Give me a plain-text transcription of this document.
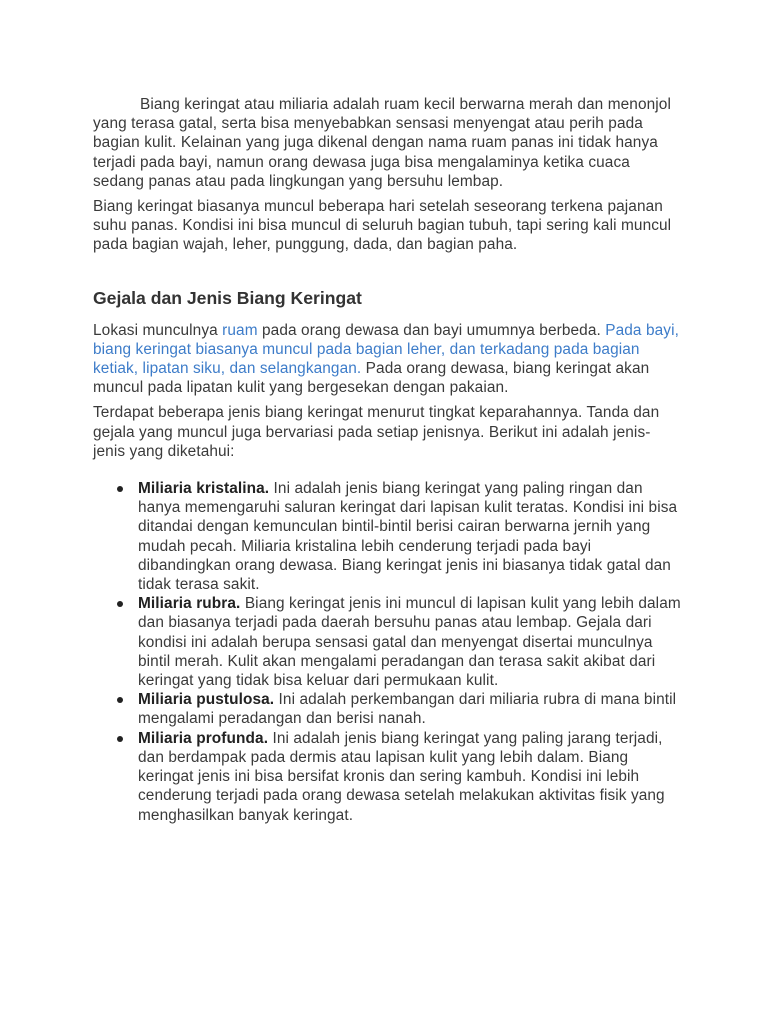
Biang keringat atau miliaria adalah ruam kecil berwarna merah dan menonjol yang terasa gatal, serta bisa menyebabkan sensasi menyengat atau perih pada bagian kulit. Kelainan yang juga dikenal dengan nama ruam panas ini tidak hanya terjadi pada bayi, namun orang dewasa juga bisa mengalaminya ketika cuaca sedang panas atau pada lingkungan yang bersuhu lembap.

Biang keringat biasanya muncul beberapa hari setelah seseorang terkena pajanan suhu panas. Kondisi ini bisa muncul di seluruh bagian tubuh, tapi sering kali muncul pada bagian wajah, leher, punggung, dada, dan bagian paha.

Gejala dan Jenis Biang Keringat

Lokasi munculnya ruam pada orang dewasa dan bayi umumnya berbeda. Pada bayi, biang keringat biasanya muncul pada bagian leher, dan terkadang pada bagian ketiak, lipatan siku, dan selangkangan. Pada orang dewasa, biang keringat akan muncul pada lipatan kulit yang bergesekan dengan pakaian.

Terdapat beberapa jenis biang keringat menurut tingkat keparahannya. Tanda dan gejala yang muncul juga bervariasi pada setiap jenisnya. Berikut ini adalah jenis-jenis yang diketahui:

Miliaria kristalina. Ini adalah jenis biang keringat yang paling ringan dan hanya memengaruhi saluran keringat dari lapisan kulit teratas. Kondisi ini bisa ditandai dengan kemunculan bintil-bintil berisi cairan berwarna jernih yang mudah pecah. Miliaria kristalina lebih cenderung terjadi pada bayi dibandingkan orang dewasa. Biang keringat jenis ini biasanya tidak gatal dan tidak terasa sakit.
Miliaria rubra. Biang keringat jenis ini muncul di lapisan kulit yang lebih dalam dan biasanya terjadi pada daerah bersuhu panas atau lembap. Gejala dari kondisi ini adalah berupa sensasi gatal dan menyengat disertai munculnya bintil merah. Kulit akan mengalami peradangan dan terasa sakit akibat dari keringat yang tidak bisa keluar dari permukaan kulit.
Miliaria pustulosa. Ini adalah perkembangan dari miliaria rubra di mana bintil mengalami peradangan dan berisi nanah.
Miliaria profunda. Ini adalah jenis biang keringat yang paling jarang terjadi, dan berdampak pada dermis atau lapisan kulit yang lebih dalam. Biang keringat jenis ini bisa bersifat kronis dan sering kambuh. Kondisi ini lebih cenderung terjadi pada orang dewasa setelah melakukan aktivitas fisik yang menghasilkan banyak keringat.
